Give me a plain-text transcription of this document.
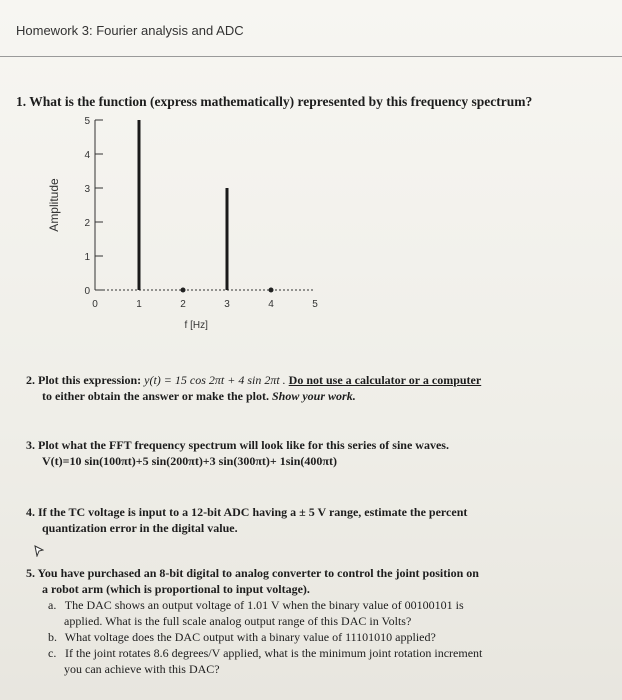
Homework 3: Fourier analysis and ADC
1. What is the function (express mathematically) represented by this frequency spectrum?
0
1
2
3
4
5
0	1	2	3	4	5
Amplitude
f [Hz]
2. Plot this expression: y(t) = 15 cos 2πt + 4 sin 2πt . Do not use a calculator or a computer
to either obtain the answer or make the plot. Show your work.
3. Plot what the FFT frequency spectrum will look like for this series of sine waves.
V(t)=10 sin(100πt)+5 sin(200πt)+3 sin(300πt)+ 1sin(400πt)
4. If the TC voltage is input to a 12-bit ADC having a ± 5 V range, estimate the percent
quantization error in the digital value.
5. You have purchased an 8-bit digital to analog converter to control the joint position on
a robot arm (which is proportional to input voltage).
a. The DAC shows an output voltage of 1.01 V when the binary value of 00100101 is
applied. What is the full scale analog output range of this DAC in Volts?
b. What voltage does the DAC output with a binary value of 11101010 applied?
c. If the joint rotates 8.6 degrees/V applied, what is the minimum joint rotation increment
you can achieve with this DAC?
